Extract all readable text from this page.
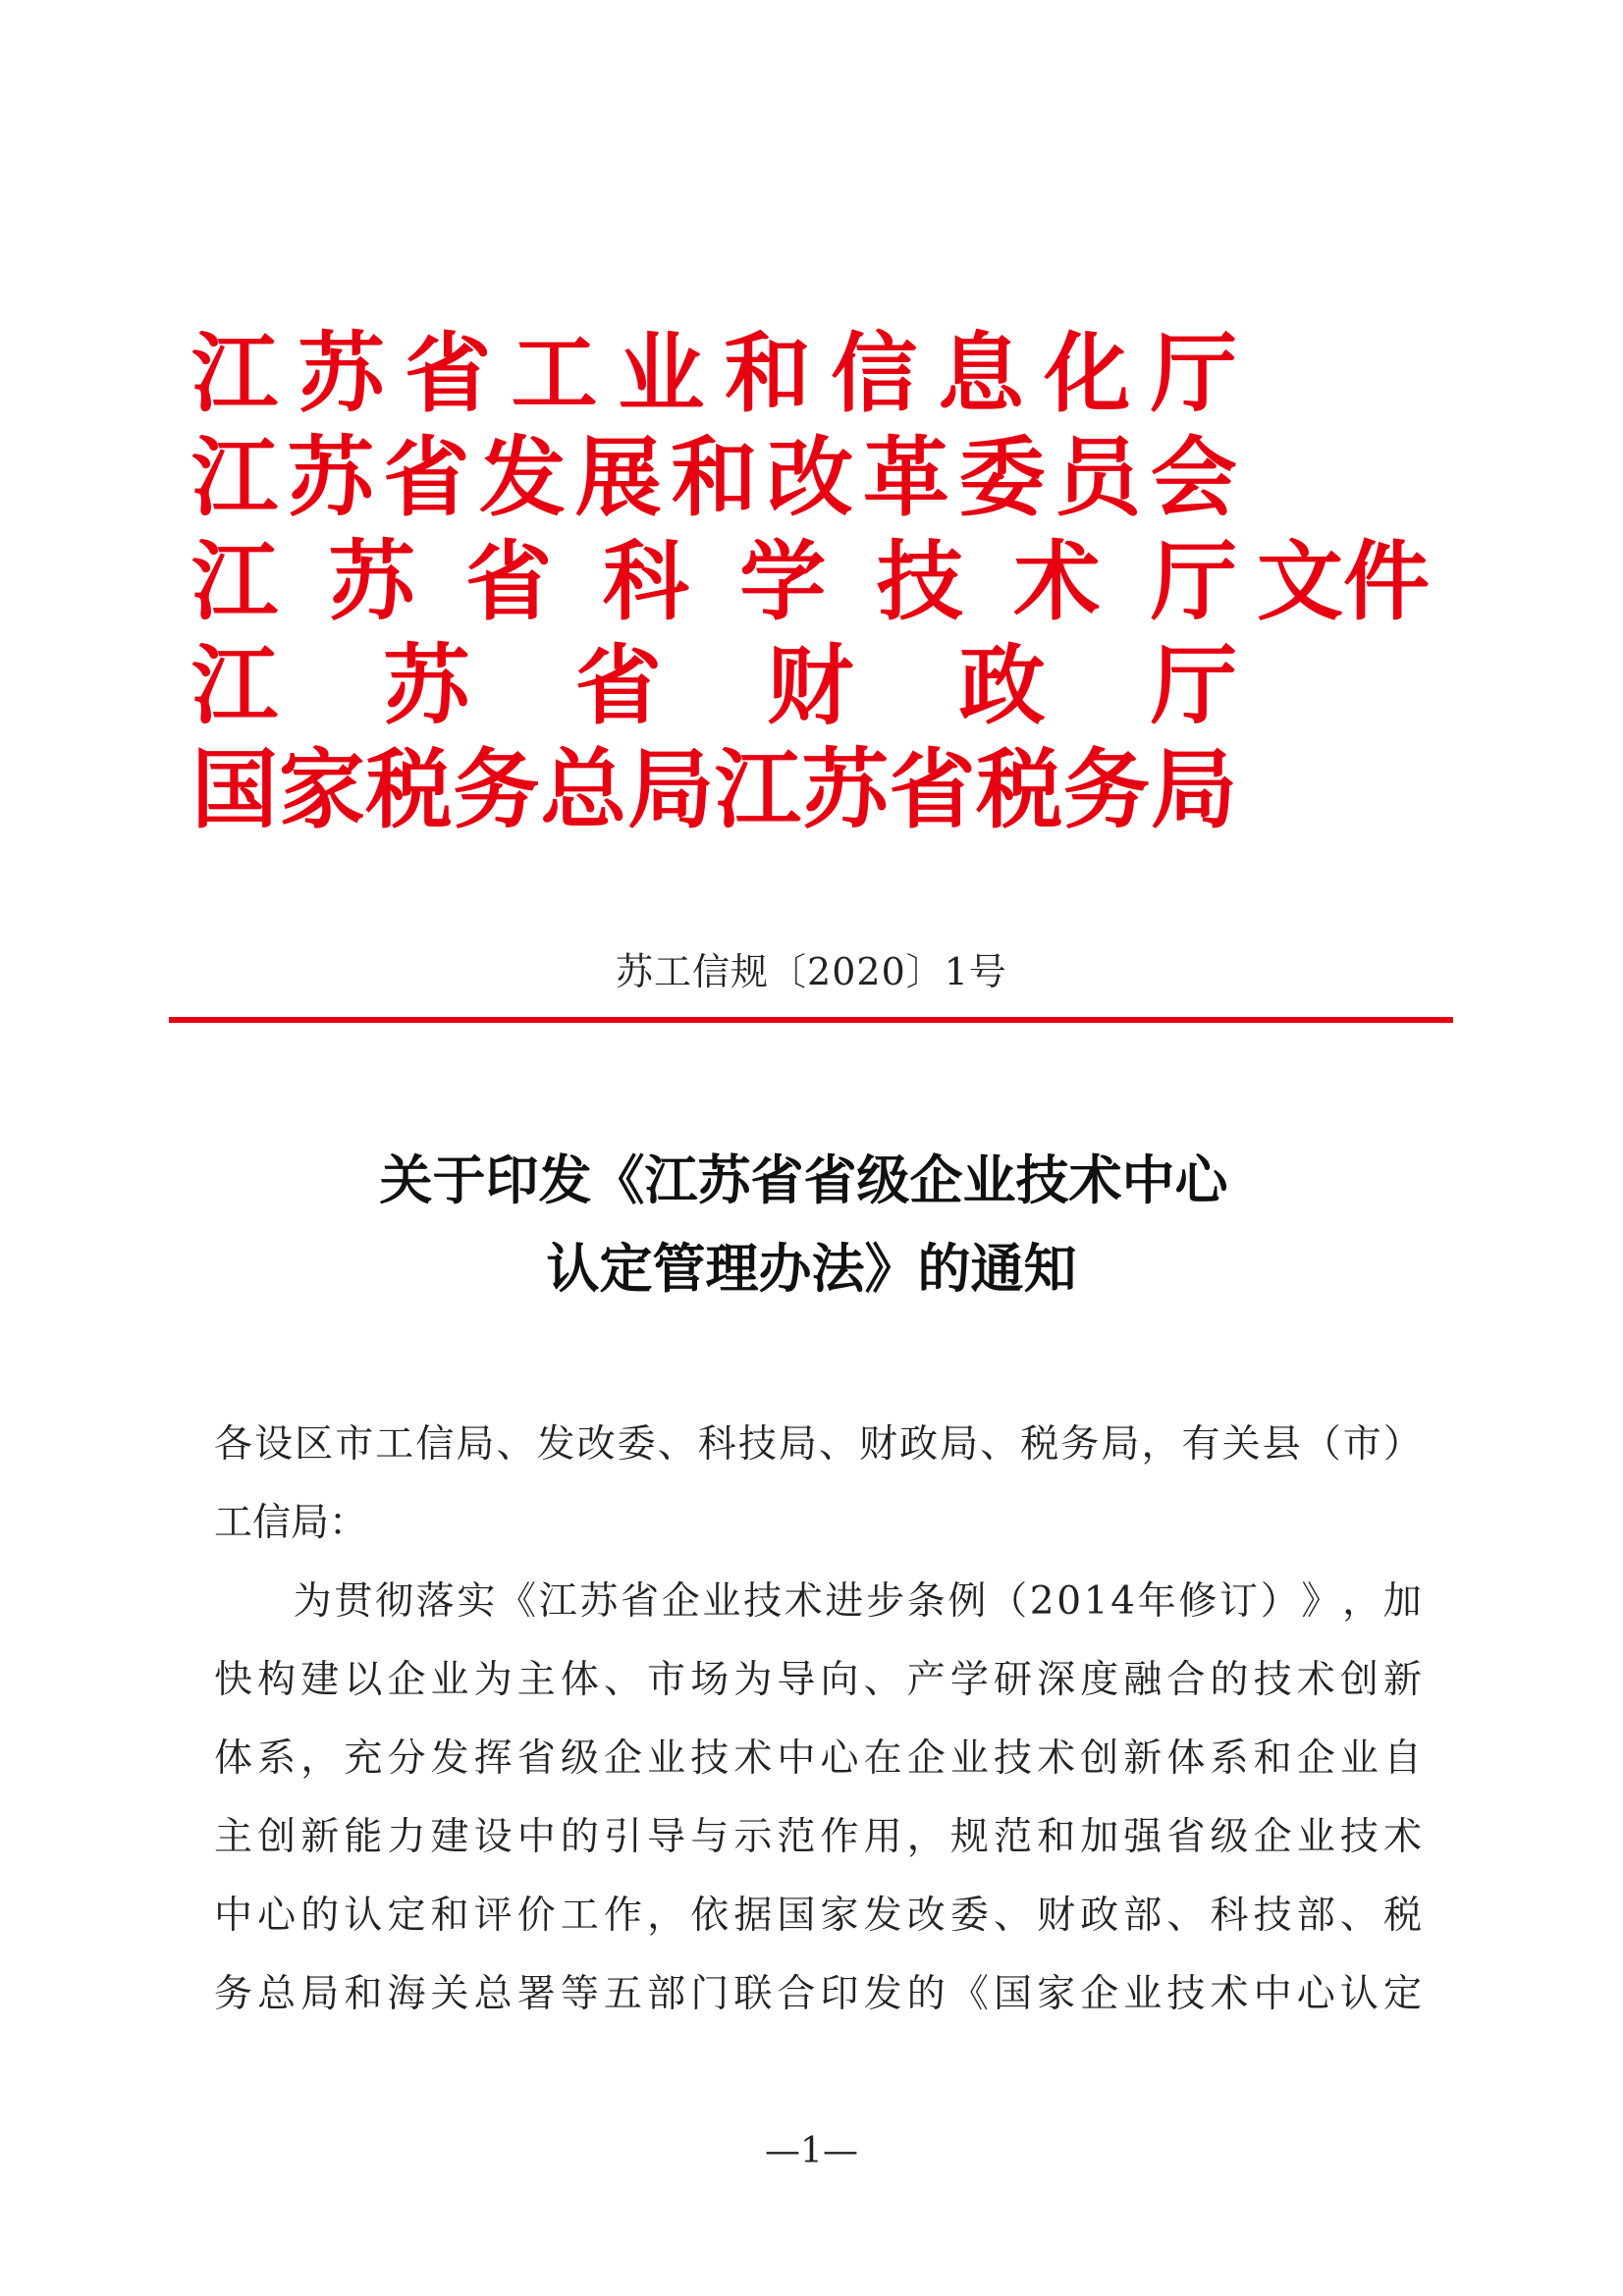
江 苏 省 工 业 和 信 息 化 厅
江 苏 省 发 展 和 改 革 委 员 会
江 苏 省 科 学 技 术 厅 文 件
江 苏 省 财 政 厅
国 家 税 务 总 局 江 苏 省 税 务 局
苏工信规〔2020〕1号
关于印发《江苏省省级企业技术中心
认定管理办法》的通知
各 设 区 市 工 信 局 、 发 改 委 、 科 技 局 、 财 政 局 、 税 务 局 ， 有 关 县 （ 市 ）
工信局：

为 贯 彻 落 实 《 江 苏 省 企 业 技 术 进 步 条 例 （ 2 0 1 4 年 修 订 ） 》 ， 加
快 构 建 以 企 业 为 主 体 、 市 场 为 导 向 、 产 学 研 深 度 融 合 的 技 术 创 新
体 系 ， 充 分 发 挥 省 级 企 业 技 术 中 心 在 企 业 技 术 创 新 体 系 和 企 业 自
主 创 新 能 力 建 设 中 的 引 导 与 示 范 作 用 ， 规 范 和 加 强 省 级 企 业 技 术
中 心 的 认 定 和 评 价 工 作 ， 依 据 国 家 发 改 委 、 财 政 部 、 科 技 部 、 税
务 总 局 和 海 关 总 署 等 五 部 门 联 合 印 发 的 《 国 家 企 业 技 术 中 心 认 定
—1—
